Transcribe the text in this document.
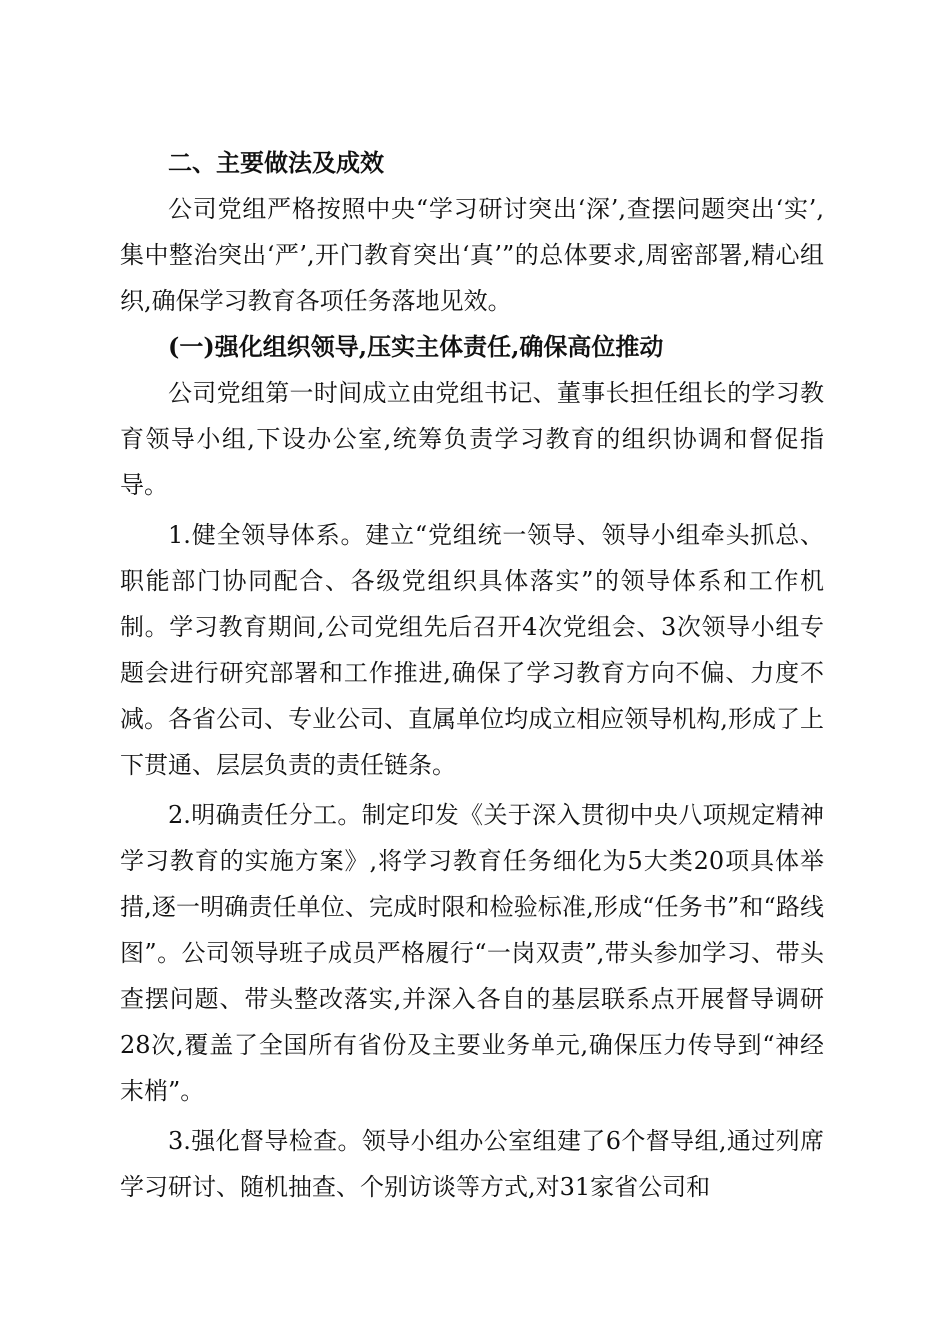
二、主要做法及成效

公司党组严格按照中央“学习研讨突出‘深’,查摆问题突出‘实’,集中整治突出‘严’,开门教育突出‘真’”的总体要求,周密部署,精心组织,确保学习教育各项任务落地见效。

(一)强化组织领导,压实主体责任,确保高位推动

公司党组第一时间成立由党组书记、董事长担任组长的学习教育领导小组,下设办公室,统筹负责学习教育的组织协调和督促指导。

1.健全领导体系。建立“党组统一领导、领导小组牵头抓总、职能部门协同配合、各级党组织具体落实”的领导体系和工作机制。学习教育期间,公司党组先后召开4次党组会、3次领导小组专题会进行研究部署和工作推进,确保了学习教育方向不偏、力度不减。各省公司、专业公司、直属单位均成立相应领导机构,形成了上下贯通、层层负责的责任链条。

2.明确责任分工。制定印发《关于深入贯彻中央八项规定精神学习教育的实施方案》,将学习教育任务细化为5大类20项具体举措,逐一明确责任单位、完成时限和检验标准,形成“任务书”和“路线图”。公司领导班子成员严格履行“一岗双责”,带头参加学习、带头查摆问题、带头整改落实,并深入各自的基层联系点开展督导调研28次,覆盖了全国所有省份及主要业务单元,确保压力传导到“神经末梢”。

3.强化督导检查。领导小组办公室组建了6个督导组,通过列席学习研讨、随机抽查、个别访谈等方式,对31家省公司和
